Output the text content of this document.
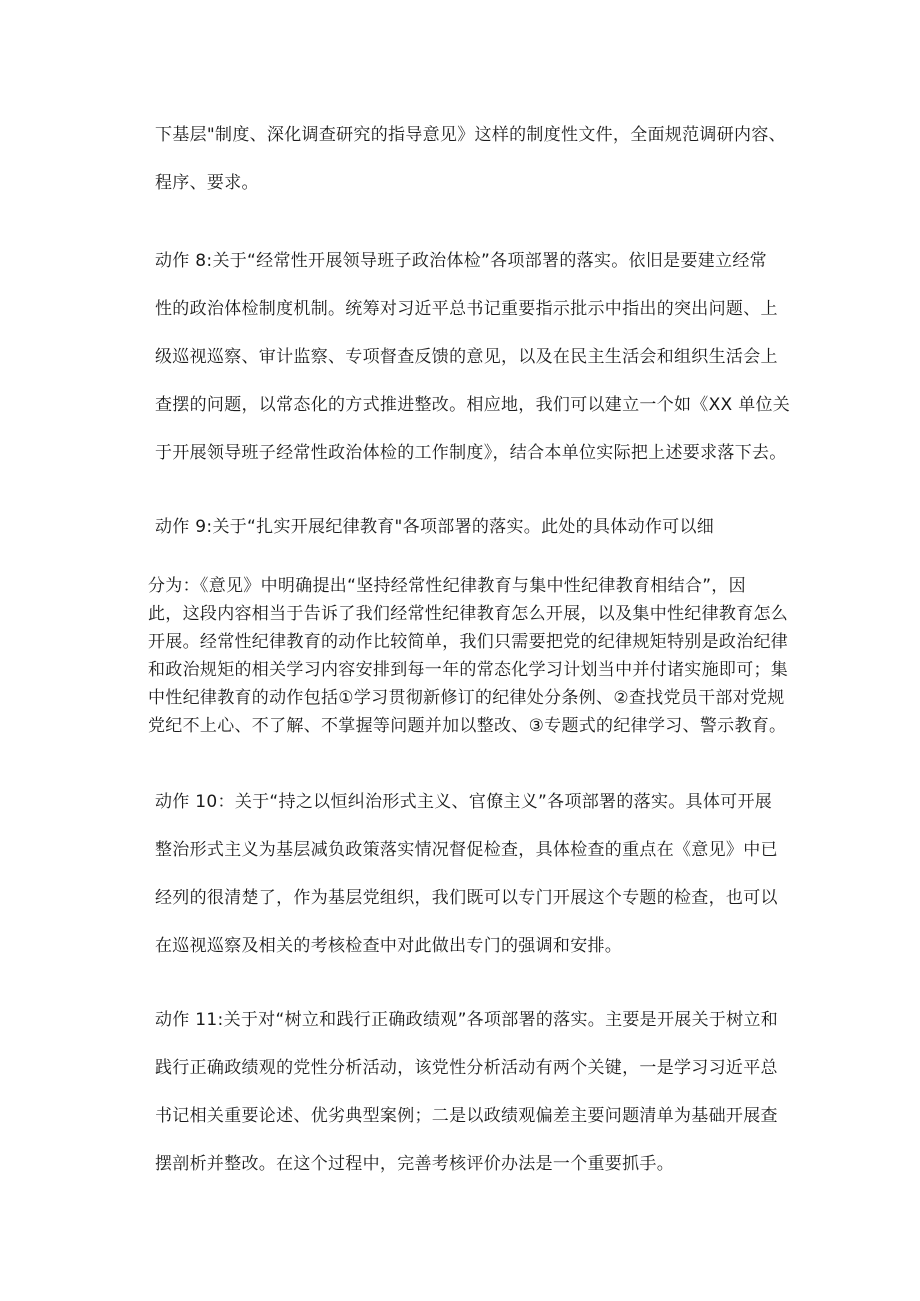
下基层"制度、深化调查研究的指导意见》这样的制度性文件，全面规范调研内容、
程序、要求。
动作 8:关于“经常性开展领导班子政治体检”各项部署的落实。依旧是要建立经常
性的政治体检制度机制。统筹对习近平总书记重要指示批示中指出的突出问题、上
级巡视巡察、审计监察、专项督查反馈的意见，以及在民主生活会和组织生活会上
查摆的问题，以常态化的方式推进整改。相应地，我们可以建立一个如《XX 单位关
于开展领导班子经常性政治体检的工作制度》，结合本单位实际把上述要求落下去。
动作 9:关于“扎实开展纪律教育"各项部署的落实。此处的具体动作可以细
分为：《意见》中明确提出“坚持经常性纪律教育与集中性纪律教育相结合”，因
此，这段内容相当于告诉了我们经常性纪律教育怎么开展，以及集中性纪律教育怎么
开展。经常性纪律教育的动作比较简单，我们只需要把党的纪律规矩特别是政治纪律
和政治规矩的相关学习内容安排到每一年的常态化学习计划当中并付诸实施即可；集
中性纪律教育的动作包括①学习贯彻新修订的纪律处分条例、②查找党员干部对党规
党纪不上心、不了解、不掌握等问题并加以整改、③专题式的纪律学习、警示教育。
动作 10：关于“持之以恒纠治形式主义、官僚主义”各项部署的落实。具体可开展
整治形式主义为基层减负政策落实情况督促检查，具体检查的重点在《意见》中已
经列的很清楚了，作为基层党组织，我们既可以专门开展这个专题的检查，也可以
在巡视巡察及相关的考核检查中对此做出专门的强调和安排。
动作 11:关于对“树立和践行正确政绩观”各项部署的落实。主要是开展关于树立和
践行正确政绩观的党性分析活动，该党性分析活动有两个关键，一是学习习近平总
书记相关重要论述、优劣典型案例；二是以政绩观偏差主要问题清单为基础开展查
摆剖析并整改。在这个过程中，完善考核评价办法是一个重要抓手。
